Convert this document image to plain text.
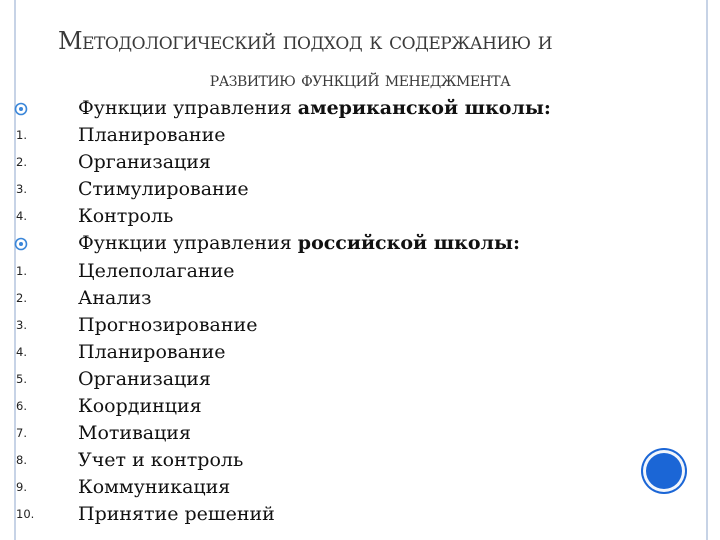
Методологический подход к содержанию и
развитию функций менеджмента
Функции управления американской школы:
1.	Планирование
2.	Организация
3.	Стимулирование
4.	Контроль
Функции управления российской школы:
1.	Целеполагание
2.	Анализ
3.	Прогнозирование
4.	Планирование
5.	Организация
6.	Координция
7.	Мотивация
8.	Учет и контроль
9.	Коммуникация
10.	Принятие решений
